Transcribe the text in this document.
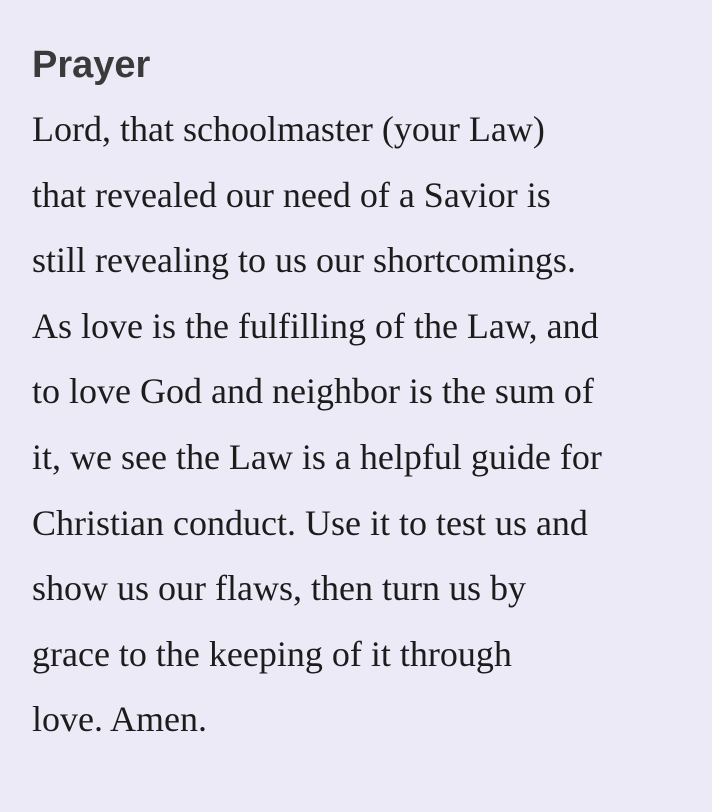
Prayer

Lord, that schoolmaster (your Law)

that revealed our need of a Savior is

still revealing to us our shortcomings.

As love is the fulfilling of the Law, and

to love God and neighbor is the sum of

it, we see the Law is a helpful guide for

Christian conduct. Use it to test us and

show us our flaws, then turn us by

grace to the keeping of it through

love. Amen.
